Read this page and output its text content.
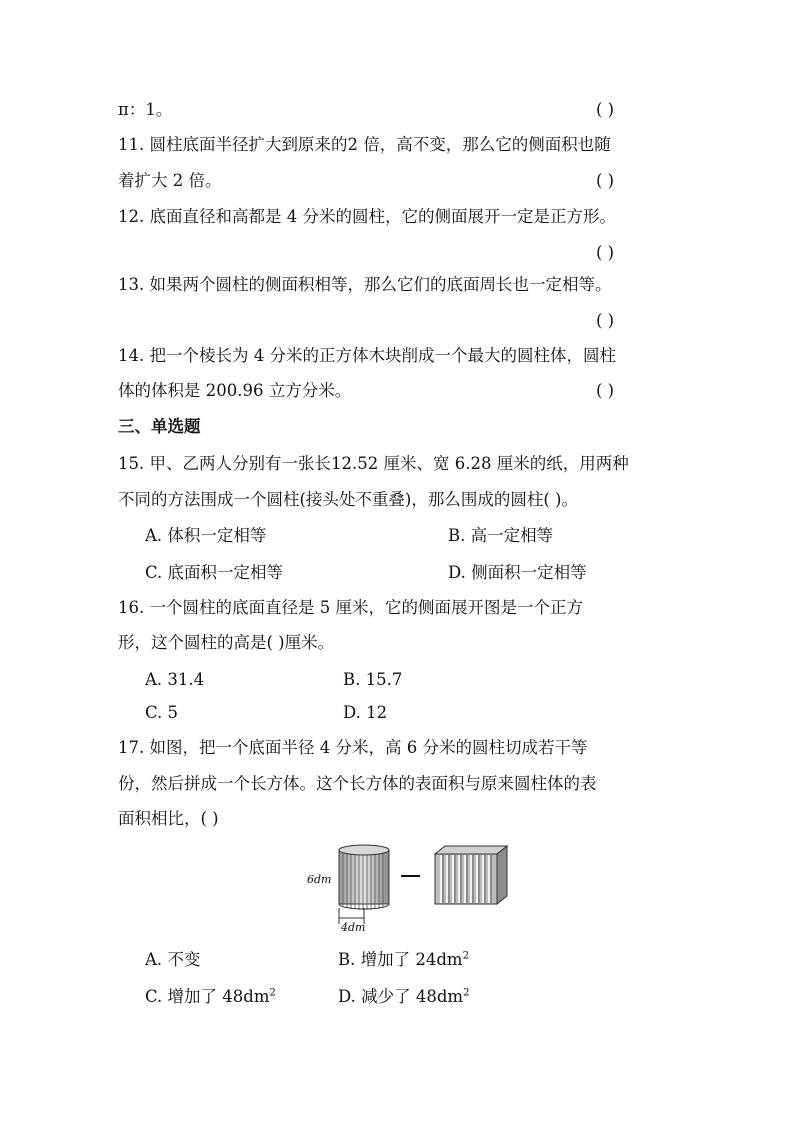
π：1。	( )
11. 圆柱底面半径扩大到原来的2 倍，高不变，那么它的侧面积也随
着扩大 2 倍。	( )
12. 底面直径和高都是 4 分米的圆柱，它的侧面展开一定是正方形。
( )
13. 如果两个圆柱的侧面积相等，那么它们的底面周长也一定相等。
( )
14. 把一个棱长为 4 分米的正方体木块削成一个最大的圆柱体，圆柱
体的体积是 200.96 立方分米。	( )
三、单选题
15. 甲、乙两人分别有一张长12.52 厘米、宽 6.28 厘米的纸，用两种
不同的方法围成一个圆柱(接头处不重叠)，那么围成的圆柱( )。
A. 体积一定相等	B. 高一定相等
C. 底面积一定相等	D. 侧面积一定相等
16. 一个圆柱的底面直径是 5 厘米，它的侧面展开图是一个正方
形，这个圆柱的高是( )厘米。
A. 31.4	B. 15.7
C. 5	D. 12
17. 如图，把一个底面半径 4 分米，高 6 分米的圆柱切成若干等
份，然后拼成一个长方体。这个长方体的表面积与原来圆柱体的表
面积相比，( )
6dm
4dm
A. 不变	B. 增加了 $24dm^2$
C. 增加了 $48dm^2$	D. 减少了 $48dm^2$
